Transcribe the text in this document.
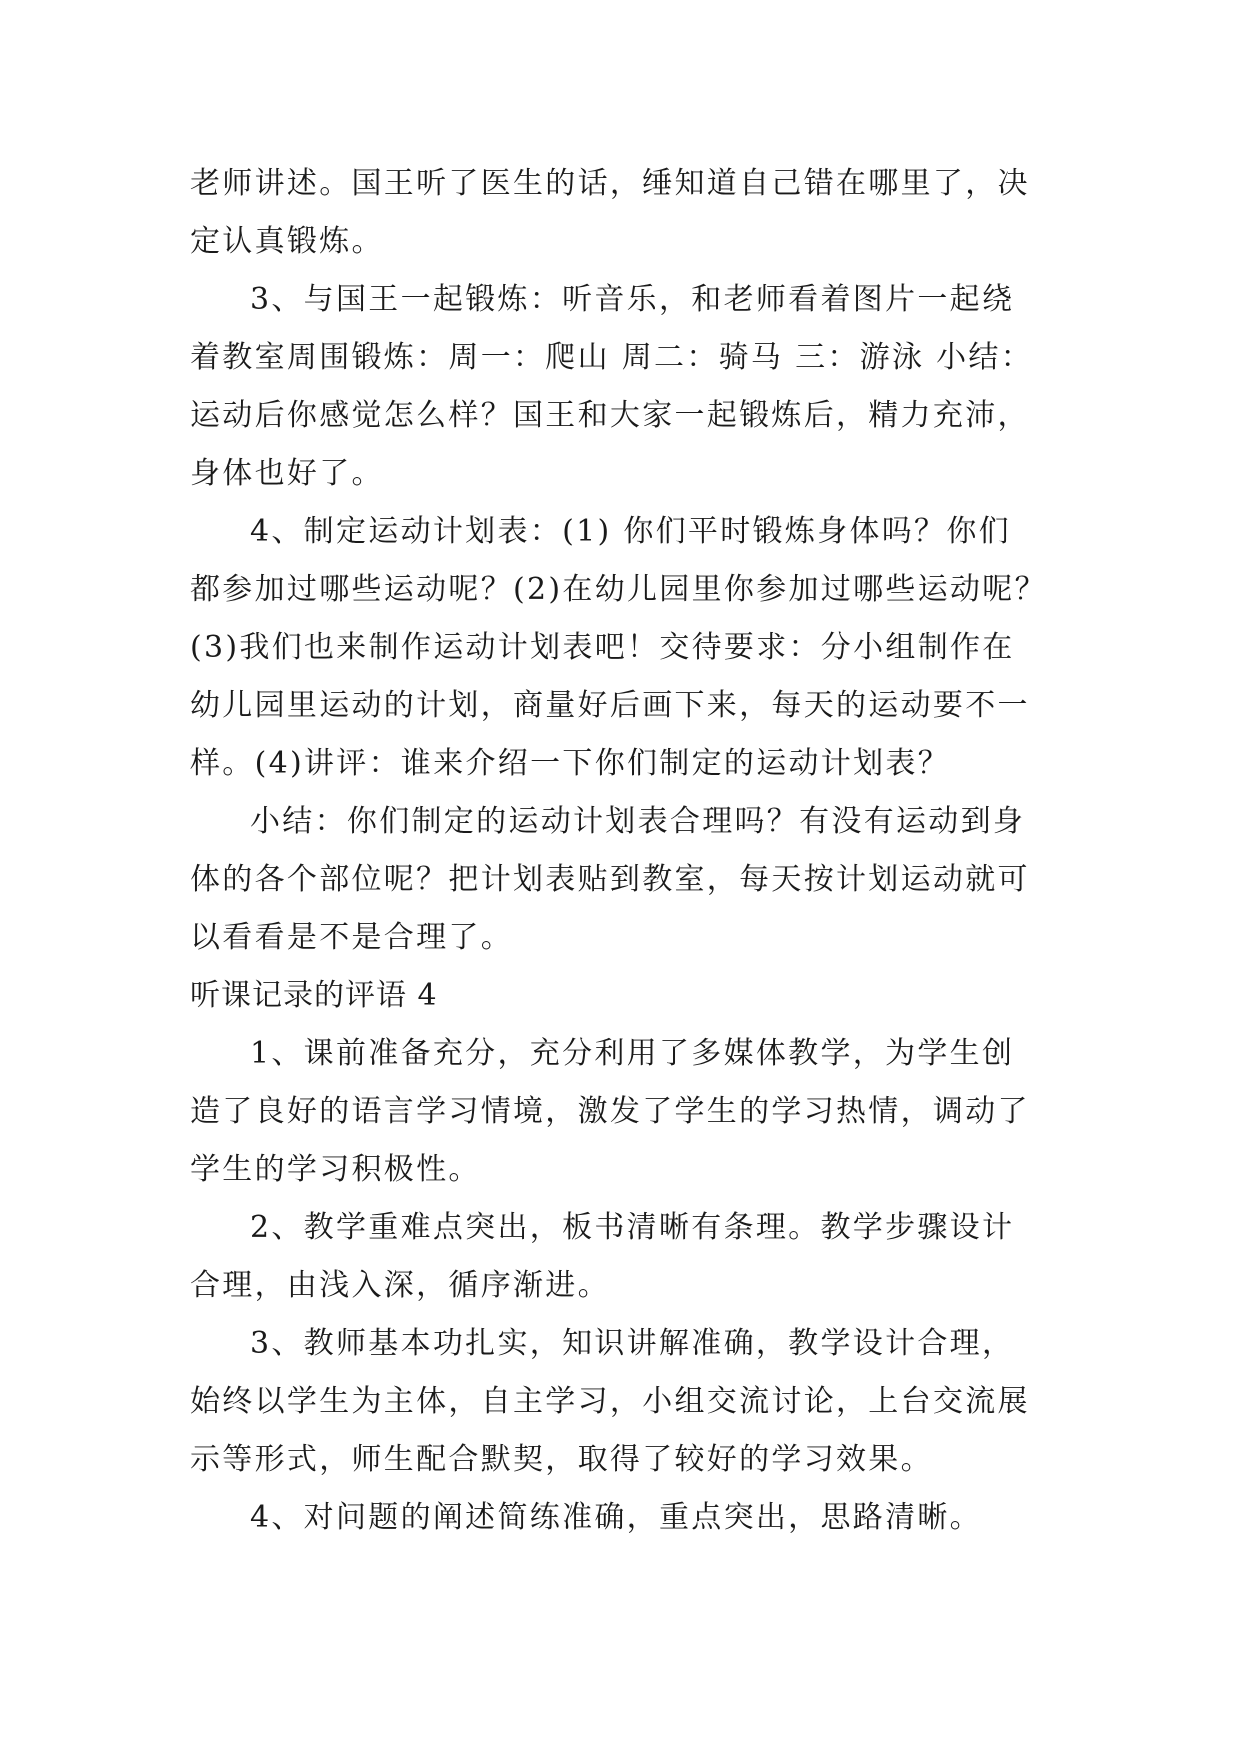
老师讲述。国王听了医生的话，缍知道自己错在哪里了，决
定认真锻炼。
3、与国王一起锻炼：听音乐，和老师看着图片一起绕
着教室周围锻炼：周一：爬山 周二：骑马 三：游泳 小结：
运动后你感觉怎么样？国王和大家一起锻炼后，精力充沛，
身体也好了。
4、制定运动计划表：(1) 你们平时锻炼身体吗？你们
都参加过哪些运动呢？(2)在幼儿园里你参加过哪些运动呢？
(3)我们也来制作运动计划表吧！交待要求：分小组制作在
幼儿园里运动的计划，商量好后画下来，每天的运动要不一
样。(4)讲评：谁来介绍一下你们制定的运动计划表？
小结：你们制定的运动计划表合理吗？有没有运动到身
体的各个部位呢？把计划表贴到教室，每天按计划运动就可
以看看是不是合理了。
听课记录的评语 4
1、课前准备充分，充分利用了多媒体教学，为学生创
造了良好的语言学习情境，激发了学生的学习热情，调动了
学生的学习积极性。
2、教学重难点突出，板书清晰有条理。教学步骤设计
合理，由浅入深，循序渐进。
3、教师基本功扎实，知识讲解准确，教学设计合理，
始终以学生为主体，自主学习，小组交流讨论，上台交流展
示等形式，师生配合默契，取得了较好的学习效果。
4、对问题的阐述简练准确，重点突出，思路清晰。
